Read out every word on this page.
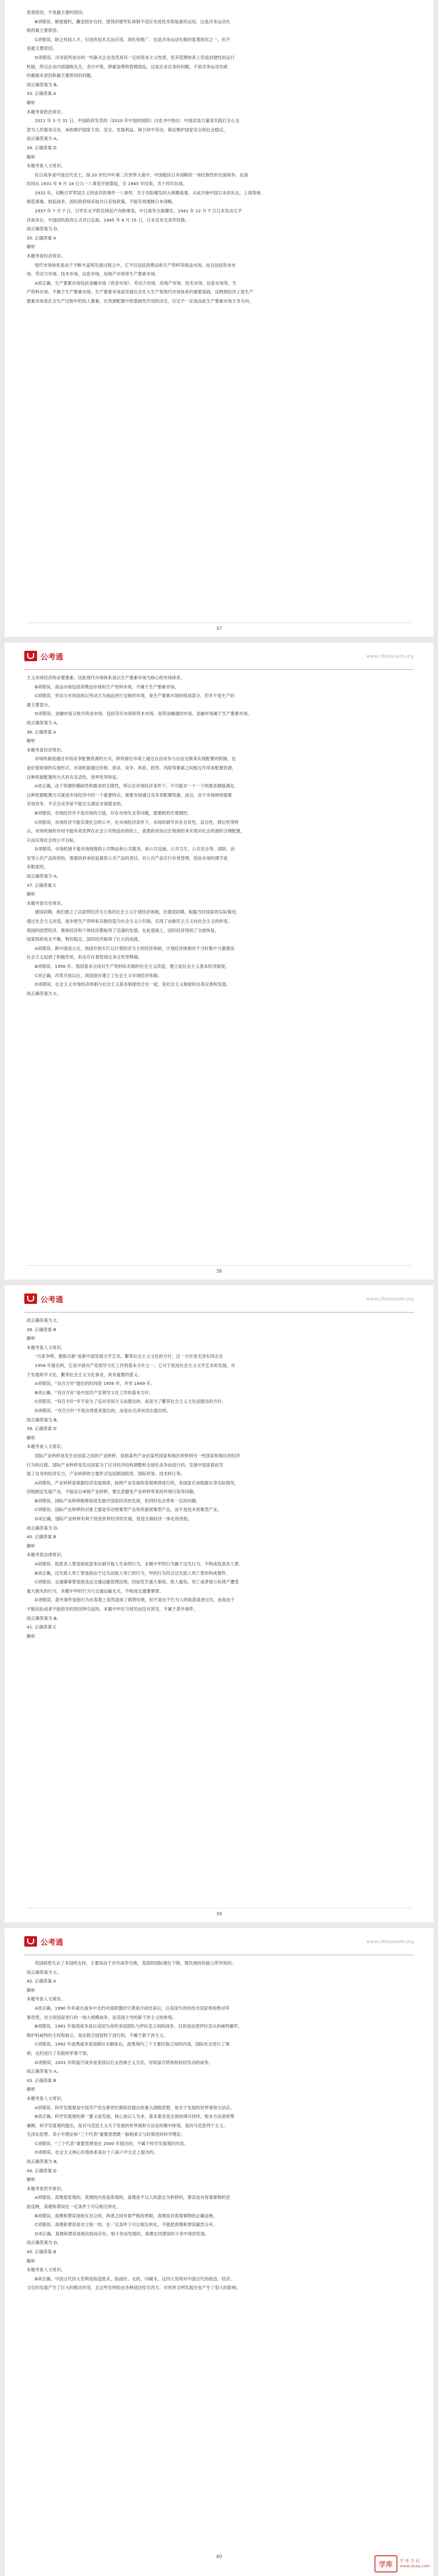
客观原因，不是最主要的原因。

B项错误，制度腐朽，藏金固步自封，使得封建军队体制不适应先进技术和装备的运用，这是洋务运动失

败的最主要原因。

C项错误，缺乏科技人才，引进的技术无法应用，消化和推广，也是洋务运动失败的客观原因之一，但不

是最主要原因。

D项错误，洋务派所创办的一些新式企业虽然具有一定的资本主义性质，但其管理体系上仍是封建性的运行

机制，所以企业内部腐败丛生，贪污中饱，挥霍浪费和管理混乱，这是企业自身的问题，不是洋务运动失败

的最根本原因和最主要原因的问题。

故正确答案为 B。

33. 正确答案 A

解析

本题考查政治常识。

2011 年 3 月 31 日，中国政府发表的《2010 年中国的国防》白皮书中指出：中国武装力量是实践打全心全

意为人民服务宗旨，承担维护国家主权、安全、发展利益，保卫和平劳动，保证维护国家安全和社会稳定，

故正确答案为 A。

34. 正确答案 D

解析

本题考查人文常识。

抗日战争是中国近代史上，指 20 世纪中叶第二次世界大战中，中国抵抗日本侵略的一场民族性的全面战争。抗战

时间从 1931 年 9 月 18 日九一八事变开始算起，至 1945 年结束，共十四年抗战。

1931 年，切断日军军国主义的进攻的事件一八事件，关于沈阳爆发的大规模战事，从此开始中国日本的东北，上海等地

制造事端，挑起战争，国民政府则采取对日妥协政策，不能有效遏制日本侵略。

1937 年 7 月 7 日，日军在北平附近挑起卢沟桥事变，中日战争全面爆发。1941 年 12 月 7 日日本发动太平

洋战争后，中国国民政府正式对日宣战。1945 年 8 月 15 日，日本宣布无条件投降。

故正确答案为 D。

35. 正确答案 A

解析

本题考查经济常识。

现代市场体系是由于不断丰富和发展过程之中，它不仅包括消费品和生产资料等商品市场，而且包括资本市

场、劳动力市场，技术市场，信息市场，房地产市场等生产要素市场。

A项正确，生产要素市场包括金融市场（资金市场）、劳动力市场、房地产市场、技术市场、信息市场等，生

产资料市场，不属于生产要素市场。生产要素市场是发展社会化大生产和现代市场体系的重要基础，反映到经济上是生产

要素市场是社会生产过程中的投入要素。在资源配置中的基础性作用的决定，应定不一定是由此生产要素市场主导方向。

37
公考通	www.chinaexam.org

主义市场经济的必要要素。因此现代市场体系是以生产要素市场为核心的市场体系。

B项错误，商品市场包括消费品市场和生产资料市场，不属于生产要素市场。

C项错误，劳动力市场是指以劳动力为商品进行交换的市场，是生产要素市场的组成部分，但并不是生产的

最主要部分。

D项错误，金融市场又称为资金市场，包括货币市场和资本市场，是资金融通的市场，金融市场属于生产要素市场。

故正确答案为 A。

36. 正确答案 A

解析

本题考查经济常识。

市场机制是通过市场竞争配置资源的方式，即资源在市场上通过自由竞争与自由交换来实现配置的机制，也

是价值规律的实现形式。市场机制通过价格、供求、竞争、利息、投资、风险等要素之间相互作用来配置资源，

这种资源配置的方式具有灵活性、效率性等特征。

A项正确，由于资源的稀缺性和需求的无限性，所以在市场经济条件下，不可能对一个一个的需求都能满足，

这种资源配置方式就是市场经济中的一个重要特点，需要市场通过竞争来配置资源。而且，由于市场规则需要

有效竞争，不完全竞争是不能完全满足市场需求的。

B项错误，市场经济并不是市场的万能，存在市场失灵等问题，需要政府宏观调控。

C项错误，市场经济不能实现社会的公平，在市场经济条件下，市场的调节具有自发性，盲目性，滞后性等特

点。市场机制的作用不能有效发挥在社会公共物品的供给上，需要政府加以宏观调控来实现对社会资源的合理配置，

从而实现社会的公平目标。

D项错误，市场机制不能有效地提供公共物品和公共服务，如公共设施、公共卫生、公共安全等。国防、治

安等公共产品的供给，需要政府承担起提供公共产品的责任，对公共产品实行有效管理，因此市场的调节是

有限度的。

故正确答案为 A。

37. 正确答案 C

解析

本题考查历史常识。

建国初期，我们建立了以国营经济为主体的社会主义计划经济体制，在建国初期，根据当时国家的实际情况，

通过社会主义改造，逐步把生产资料私有制改造为社会主义公有制，实现了由新民主主义向社会主义的转变。

我国的国营经济、集体经济和个体经济都取得了迅速的发展，在此基础上，国民经济得到了全面恢复，

国家财政收支平衡，物价稳定，国民经济取得了巨大的成就。

A项错误，新中国成立后，我国开始实行以计划经济为主的经济体制，计划经济体制对于当时集中力量建设

社会主义起到了积极作用，但也存在着管得过多过死等弊端。

B项错误，1956 年，我国基本完成对生产资料私有制的社会主义改造，建立起社会主义基本经济制度。

C项正确，改革开放以后，我国逐步建立了社会主义市场经济体制。

D项错误，社会主义市场经济体制与社会主义基本制度结合在一起，是社会主义制度的自我完善和发展。

故正确答案为 C。

38
公考通	www.chinaexam.org

故正确答案为 C。

38. 正确答案 B

解析

本题考查人文常识。

“百家争鸣、推陈出新”是新中国发展文学艺术、繁荣社会主义文化的方针，这一方针是毛泽东同志在

1956 年提出的，它是中国共产党领导文化工作的基本方针之一。它对于促进社会主义文学艺术的发展，对

于发展科学文化、繁荣社会主义文化事业，具有重要的意义。

A项错误，“双百方针”提出的时间是 1956 年，并非 1949 年。

B项正确，“双百方针”是中国共产党领导文化工作的基本方针。

C项错误，“双百方针”并不是为了反对帝国主义而提出的，而是为了繁荣社会主义文化而提出的方针。

D项错误，“双百方针”不是由周恩来提出的，而是由毛泽东同志提出的。

故正确答案为 B。

39. 正确答案 D

解析

本题考查人文常识。

国际产业转移是发生在国家之间的产业转移，是指某些产业由某些国家和地区转移到另一些国家和地区的经济

行为和过程。国际产业转移是发达国家为了应对经济结构调整和全球化竞争而进行的，发展中国家借此发

展了自身的经济实力，产业转移的主要形式包括跨国投资、国际贸易、技术转让等。

A项错误，产业转移是根据经济发展规律，按照产业发展的客观规律进行的，各国家应该根据自身实际情况，

因地制宜发展产业，不能盲目承接产业转移，要注意避免产业转移带来的环境污染等问题。

B项错误，国际产业转移能够促进发展中国家经济的发展，但同时也会带来一定的问题。

C项错误，国际产业转移的对象主要是劳动密集型产业和资源密集型产业，而不是技术密集型产业。

D项正确，国际产业转移有利于促进世界经济的发展，促进全球经济一体化的进程。

故正确答案为 D。

40. 正确答案 B

解析

本题考查法律常识。

A项错误，故意杀人罪是指故意非法剥夺他人生命的行为，本题中甲的行为属于过失行为，不构成故意杀人罪。

B项正确，过失致人死亡罪是指由于过失而致人死亡的行为，甲的行为符合过失致人死亡罪的构成要件。

C项错误，交通肇事罪是指违反交通运输管理法规，因而发生重大事故，致人重伤、死亡或者使公私财产遭受

重大损失的行为，本题中甲的行为与交通运输无关，不构成交通肇事罪。

D项错误，意外事件是指行为在客观上虽然造成了损害结果，但不是出于行为人的故意或者过失，而是由于

不能抗拒或者不能预见的原因所引起的，本题中甲应当预见而没有预见，不属于意外事件。

故正确答案为 B。

41. 正确答案 C

解析

39
公考通	www.chinaexam.org

英国病患失去了本国的支持，主要是由于对外战争失败，英国的国际地位下降，殖民地纷纷独立所导致的。

故正确答案为 C。

42. 正确答案 A

解析

本题考查人文常识。

A项正确，1990 年科索沃战争中北约对南联盟的空袭是冷战结束后，以美国为首的西方国家利用绝对军

事优势，对主权国家进行的一场大规模战争，是美国主导的新干涉主义的体现。

B项错误，1991 年海湾战争是以美国为首的多国部队与伊拉克之间的战争，目的是迫使伊拉克从科威特撤军，

维护科威特的主权和独立，是在联合国授权下进行的，不属于新干涉主义。

C项错误，1992 年波黑战争是南斯拉夫解体后，波黑境内三个主要民族之间的内战，国际社会进行了调

停，北约进行了有限的军事干预。

D项错误，2001 年阿富汗战争是美国以打击恐怖主义为名，对阿富汗塔利班政权发动的战争。

故正确答案为 A。

43. 正确答案 B

解析

本题考查人文常识。

A项错误，科学发展观是中国共产党在新世纪新阶段提出的重大战略思想，是关于发展的世界观和方法论。

B项正确，科学发展观的第一要义是发展，核心是以人为本，基本要求是全面协调可持续，根本方法是统筹

兼顾。科学发展观的提出，是对马克思主义关于发展的世界观和方法论的集中体现，是同马克思列宁主义、

毛泽东思想、邓小平理论和“三个代表”重要思想既一脉相承又与时俱进的科学理论。

C项错误，“三个代表”重要思想是在 2000 年提出的，不属于科学发展观的内容。

D项错误，社会主义核心价值体系是在十六届六中全会上提出的。

故正确答案为 B。

44. 正确答案 D

解析

本题考查哲学常识。

A项错误，真理是客观的，真理的内容是客观的，真理是不以人的意志为转移的，谬误是对客观事物的歪

曲反映，真理和谬误在一定条件下可以相互转化。

B项错误，真理和谬误是相互对立的，两者之间有着严格的界限，真理是对客观事物的正确反映。

C项错误，真理和谬误是对立统一的，在一定条件下可以相互转化，不能把真理和谬误截然分开。

D项正确，真理和谬误是相比较而存在，相斗争而发展的，真理在同谬误的斗争中得到发展。

故正确答案为 D。

45. 正确答案 B

解析

本题考查人文常识。

B项正确，中国古代四大发明是指造纸术、指南针、火药、印刷术，这四大发明对中国古代的政治、经济、

文化的发展产生了巨大的推动作用，且这些发明经由各种途径传至西方，对世界文明发展史也产生了很大的影响。

40
学库	学 库 专 区
www.xkzq.com
